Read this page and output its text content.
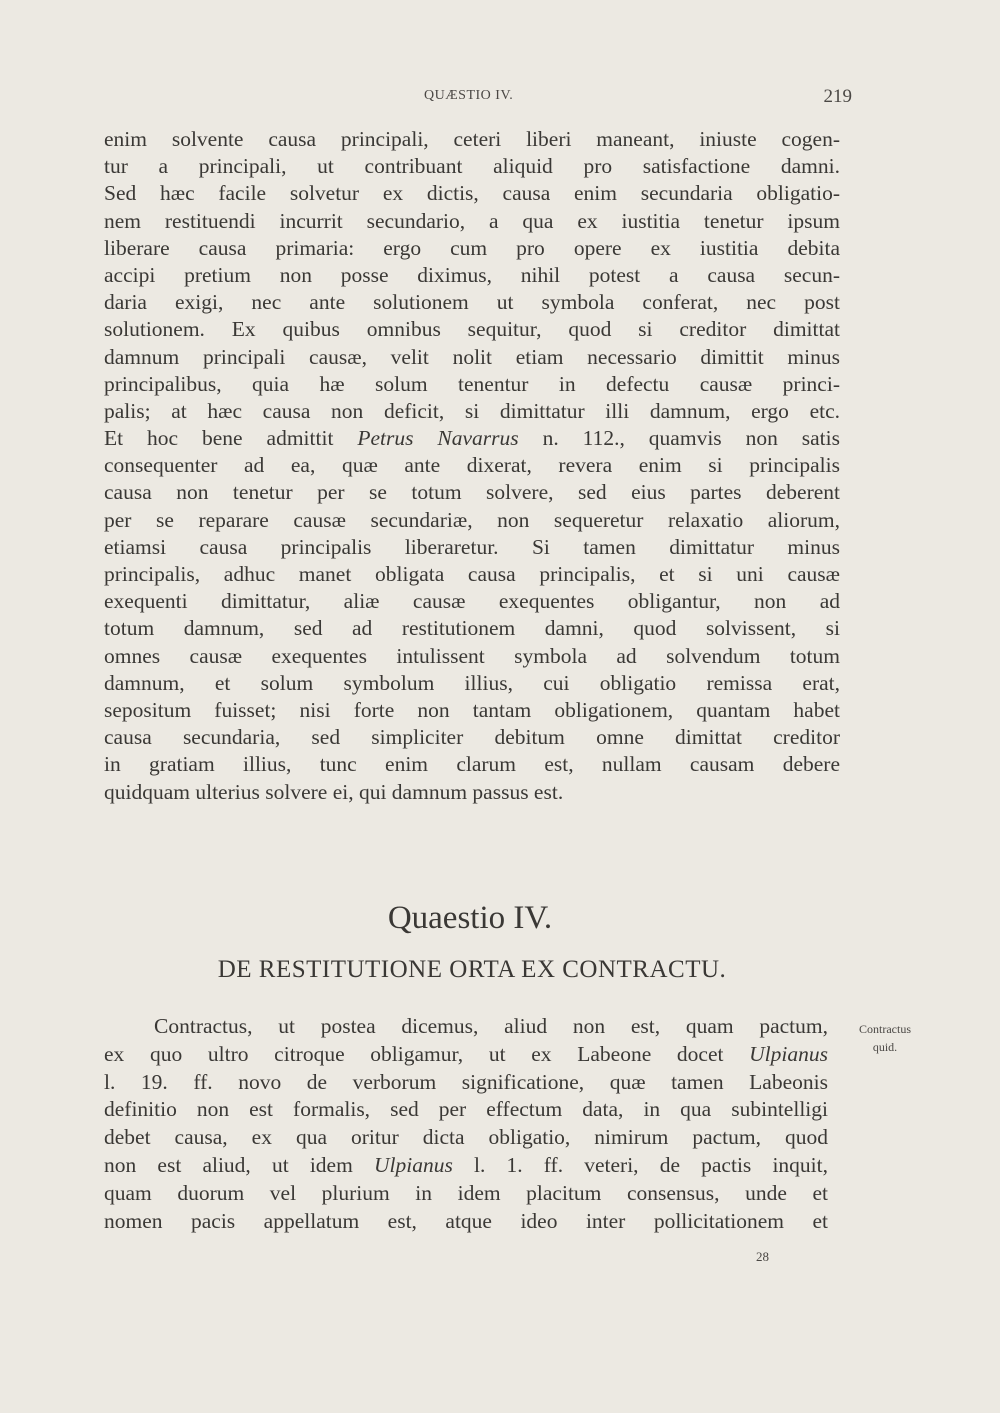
QUÆSTIO IV.	219
enim solvente causa principali, ceteri liberi maneant, iniuste cogen-
tur a principali, ut contribuant aliquid pro satisfactione damni.
Sed hæc facile solvetur ex dictis, causa enim secundaria obligatio-
nem restituendi incurrit secundario, a qua ex iustitia tenetur ipsum
liberare causa primaria: ergo cum pro opere ex iustitia debita
accipi pretium non posse diximus, nihil potest a causa secun-
daria exigi, nec ante solutionem ut symbola conferat, nec post
solutionem. Ex quibus omnibus sequitur, quod si creditor dimittat
damnum principali causæ, velit nolit etiam necessario dimittit minus
principalibus, quia hæ solum tenentur in defectu causæ princi-
palis; at hæc causa non deficit, si dimittatur illi damnum, ergo etc.
Et hoc bene admittit Petrus Navarrus n. 112., quamvis non satis
consequenter ad ea, quæ ante dixerat, revera enim si principalis
causa non tenetur per se totum solvere, sed eius partes deberent
per se reparare causæ secundariæ, non sequeretur relaxatio aliorum,
etiamsi causa principalis liberaretur. Si tamen dimittatur minus
principalis, adhuc manet obligata causa principalis, et si uni causæ
exequenti dimittatur, aliæ causæ exequentes obligantur, non ad
totum damnum, sed ad restitutionem damni, quod solvissent, si
omnes causæ exequentes intulissent symbola ad solvendum totum
damnum, et solum symbolum illius, cui obligatio remissa erat,
sepositum fuisset; nisi forte non tantam obligationem, quantam habet
causa secundaria, sed simpliciter debitum omne dimittat creditor
in gratiam illius, tunc enim clarum est, nullam causam debere
quidquam ulterius solvere ei, qui damnum passus est.
Quaestio IV.
DE RESTITUTIONE ORTA EX CONTRACTU.
Contractus, ut postea dicemus, aliud non est, quam pactum,
ex quo ultro citroque obligamur, ut ex Labeone docet Ulpianus
l. 19. ff. novo de verborum significatione, quæ tamen Labeonis
definitio non est formalis, sed per effectum data, in qua subintelligi
debet causa, ex qua oritur dicta obligatio, nimirum pactum, quod
non est aliud, ut idem Ulpianus l. 1. ff. veteri, de pactis inquit,
quam duorum vel plurium in idem placitum consensus, unde et
nomen pacis appellatum est, atque ideo inter pollicitationem et
Contractus
quid.
28
